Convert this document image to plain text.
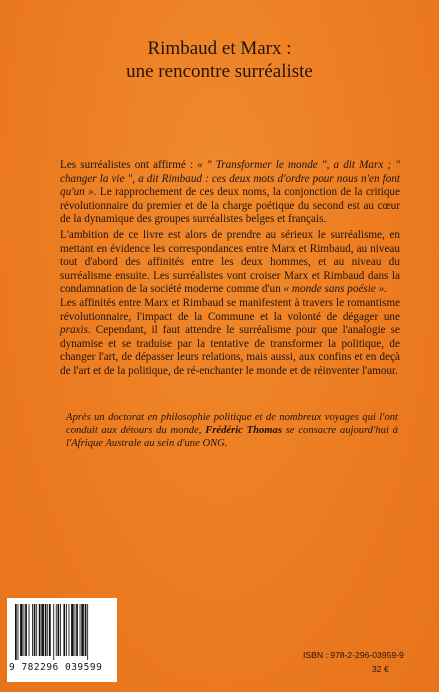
Rimbaud et Marx :
une rencontre surréaliste
Les surréalistes ont affirmé : « " Transformer le monde ", a dit Marx ; " changer la vie ", a dit Rimbaud : ces deux mots d'ordre pour nous n'en font qu'un ». Le rapprochement de ces deux noms, la conjonction de la critique révolutionnaire du premier et de la charge poétique du second est au cœur de la dynamique des groupes surréalistes belges et français.
L'ambition de ce livre est alors de prendre au sérieux le surréalisme, en mettant en évidence les correspondances entre Marx et Rimbaud, au niveau tout d'abord des affinités entre les deux hommes, et au niveau du surréalisme ensuite. Les surréalistes vont croiser Marx et Rimbaud dans la condamnation de la société moderne comme d'un « monde sans poésie ».
Les affinités entre Marx et Rimbaud se manifestent à travers le romantisme révolutionnaire, l'impact de la Commune et la volonté de dégager une praxis. Cependant, il faut attendre le surréalisme pour que l'analogie se dynamise et se traduise par la tentative de transformer la politique, de changer l'art, de dépasser leurs relations, mais aussi, aux confins et en deçà de l'art et de la politique, de ré-enchanter le monde et de réinventer l'amour.
Après un doctorat en philosophie politique et de nombreux voyages qui l'ont conduit aux détours du monde, Frédéric Thomas se consacre aujourd'hui à l'Afrique Australe au sein d'une ONG.
9 782296 039599
ISBN : 978-2-296-03959-9
32 €
